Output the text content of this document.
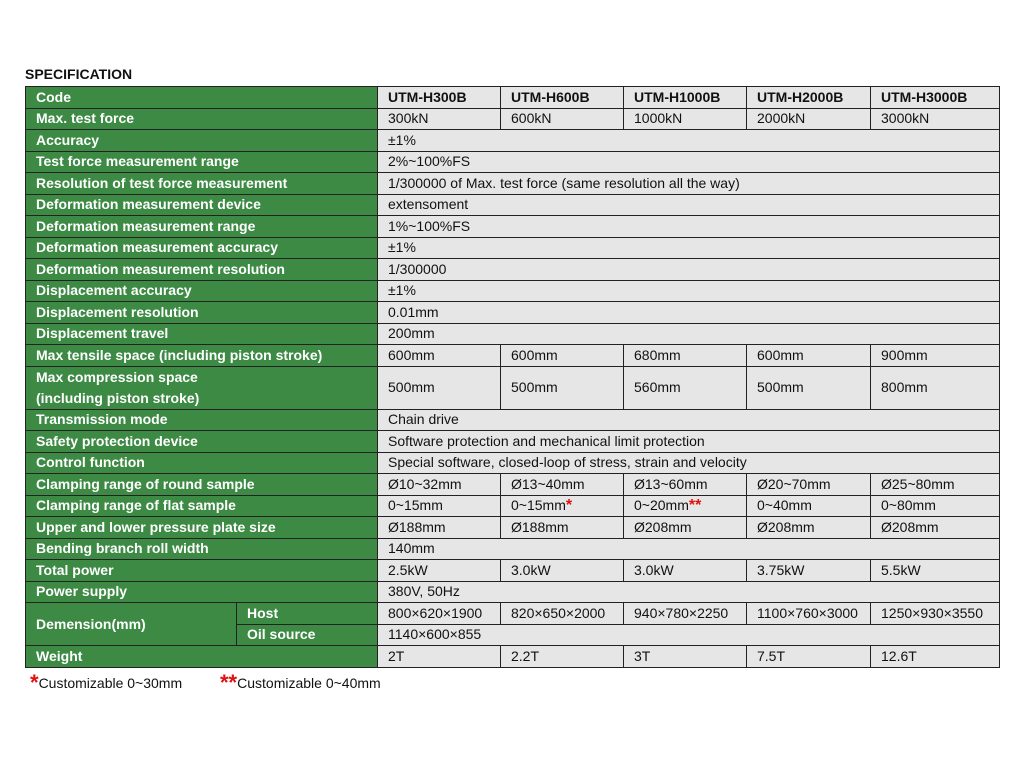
SPECIFICATION
Code		UTM-H300B	UTM-H600B	UTM-H1000B	UTM-H2000B	UTM-H3000B
Max. test force		300kN	600kN	1000kN	2000kN	3000kN
Accuracy		±1%				
Test force measurement range		2%~100%FS				
Resolution of test force measurement		1/300000 of Max. test force (same resolution all the way)				
Deformation measurement device		extensoment				
Deformation measurement range		1%~100%FS				
Deformation measurement accuracy		±1%				
Deformation measurement resolution		1/300000				
Displacement accuracy		±1%				
Displacement resolution		0.01mm				
Displacement travel		200mm				
Max tensile space (including piston stroke)		600mm	600mm	680mm	600mm	900mm

Max compression space
(including piston stroke)		500mm	500mm	560mm	500mm	800mm
Transmission mode		Chain drive				
Safety protection device		Software protection and mechanical limit protection				
Control function		Special software, closed-loop of stress, strain and velocity				
Clamping range of round sample		Ø10~32mm	Ø13~40mm	Ø13~60mm	Ø20~70mm	Ø25~80mm
Clamping range of flat sample		0~15mm	0~15mm*	0~20mm**	0~40mm	0~80mm
Upper and lower pressure plate size		Ø188mm	Ø188mm	Ø208mm	Ø208mm	Ø208mm
Bending branch roll width		140mm				
Total power		2.5kW	3.0kW	3.0kW	3.75kW	5.5kW
Power supply		380V, 50Hz				
Demension(mm)	Host	800×620×1900	820×650×2000	940×780×2250	1100×760×3000	1250×930×3550
	Oil source	1140×600×855				
Weight		2T	2.2T	3T	7.5T	12.6T
*Customizable 0~30mm **Customizable 0~40mm
